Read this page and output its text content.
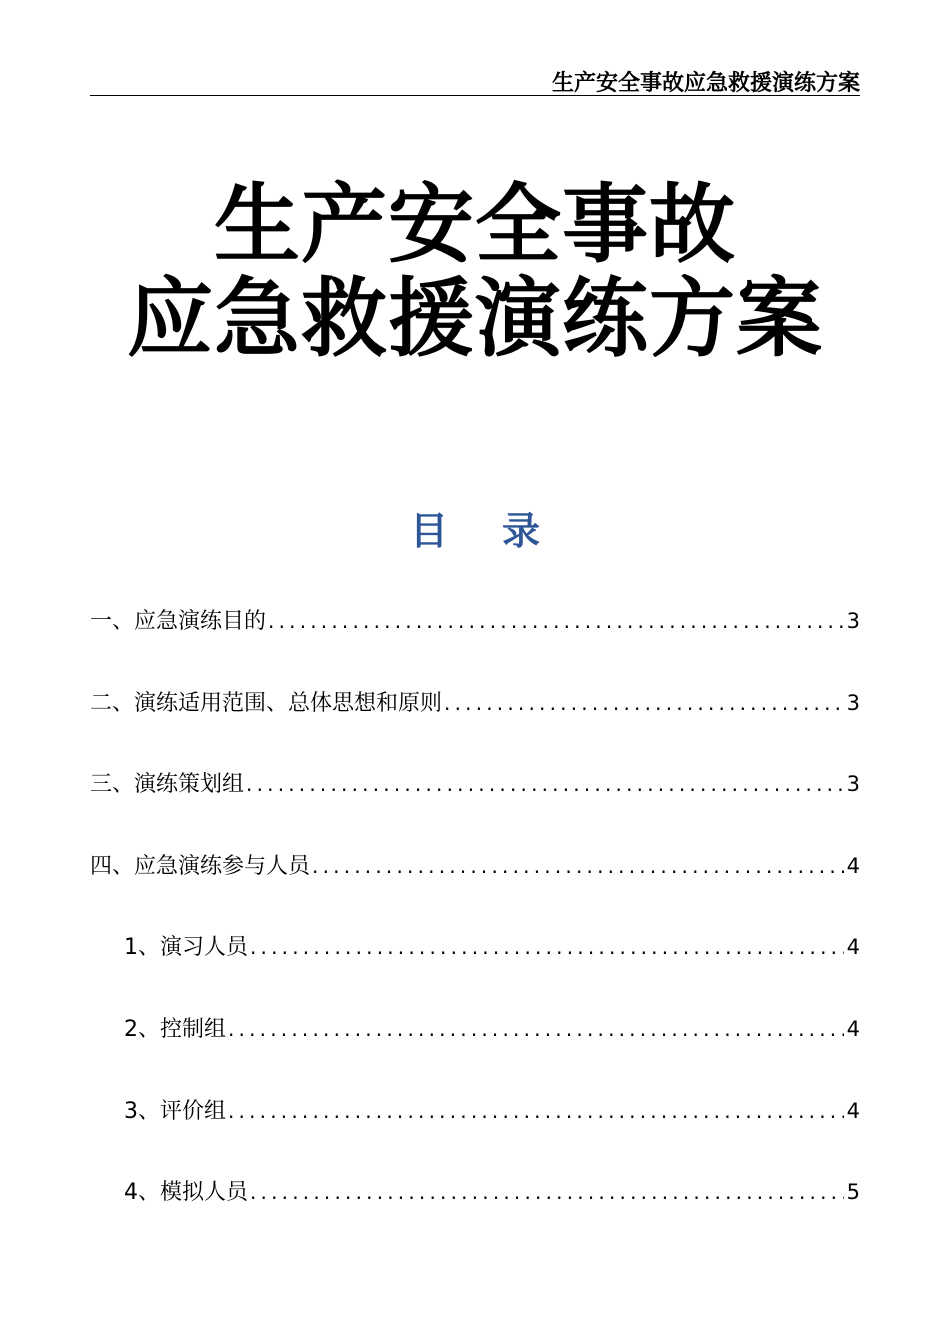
生产安全事故应急救援演练方案
生产安全事故
应急救援演练方案
目 录
一、应急演练目的 .....	3
二、演练适用范围、总体思想和原则 .....	3
三、演练策划组 .....	3
四、应急演练参与人员 .....	4
1、演习人员 .....	4
2、控制组 .....	4
3、评价组 .....	4
4、模拟人员 .....	5
